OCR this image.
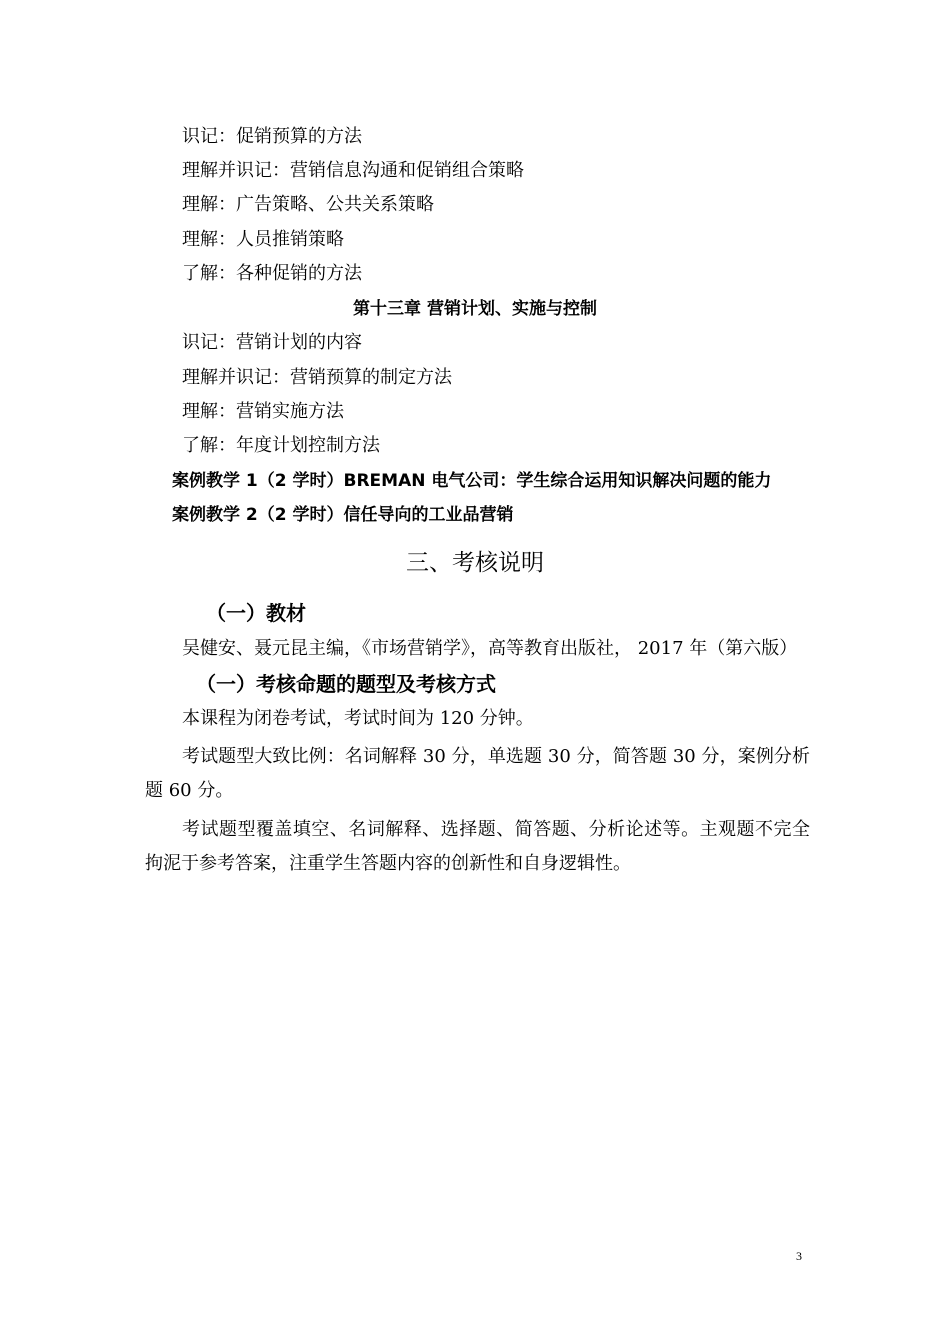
识记：促销预算的方法
理解并识记：营销信息沟通和促销组合策略
理解：广告策略、公共关系策略
理解：人员推销策略
了解：各种促销的方法
第十三章 营销计划、实施与控制
识记：营销计划的内容
理解并识记：营销预算的制定方法
理解：营销实施方法
了解：年度计划控制方法
案例教学 1（2 学时）BREMAN 电气公司：学生综合运用知识解决问题的能力
案例教学 2（2 学时）信任导向的工业品营销
三、考核说明
（一）教材
吴健安、聂元昆主编，《市场营销学》，高等教育出版社， 2017 年（第六版）
（一）考核命题的题型及考核方式
本课程为闭卷考试，考试时间为 120 分钟。
考试题型大致比例：名词解释 30 分，单选题 30 分，简答题 30 分，案例分析题 60 分。
考试题型覆盖填空、名词解释、选择题、简答题、分析论述等。主观题不完全拘泥于参考答案，注重学生答题内容的创新性和自身逻辑性。
3
